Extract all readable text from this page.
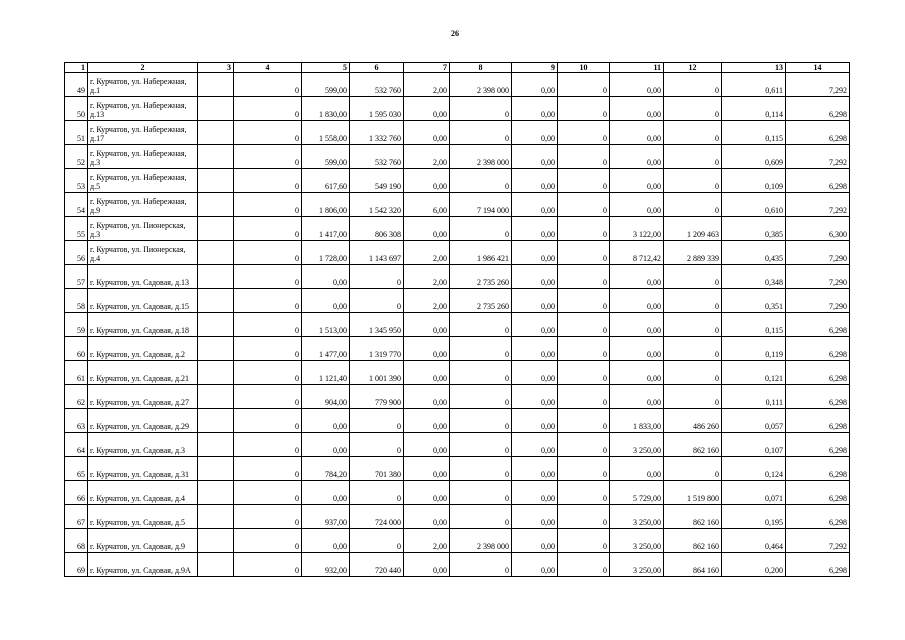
26
1	2	3	4	5	6	7	8	9	10	11	12	13	14
49	г. Курчатов, ул. Набережная, д.1		0	599,00	532 760	2,00	2 398 000	0,00	0	0,00	0	0,611	7,292
50	г. Курчатов, ул. Набережная, д.13		0	1 830,00	1 595 030	0,00	0	0,00	0	0,00	0	0,114	6,298
51	г. Курчатов, ул. Набережная, д.17		0	1 558,00	1 332 760	0,00	0	0,00	0	0,00	0	0,115	6,298
52	г. Курчатов, ул. Набережная, д.3		0	599,00	532 760	2,00	2 398 000	0,00	0	0,00	0	0,609	7,292
53	г. Курчатов, ул. Набережная, д.5		0	617,60	549 190	0,00	0	0,00	0	0,00	0	0,109	6,298
54	г. Курчатов, ул. Набережная, д.9		0	1 806,00	1 542 320	6,00	7 194 000	0,00	0	0,00	0	0,610	7,292
55	г. Курчатов, ул. Пионерская, д.3		0	1 417,00	806 308	0,00	0	0,00	0	3 122,00	1 209 463	0,385	6,300
56	г. Курчатов, ул. Пионерская, д.4		0	1 728,00	1 143 697	2,00	1 986 421	0,00	0	8 712,42	2 889 339	0,435	7,290
57	г. Курчатов, ул. Садовая, д.13		0	0,00	0	2,00	2 735 260	0,00	0	0,00	0	0,348	7,290
58	г. Курчатов, ул. Садовая, д.15		0	0,00	0	2,00	2 735 260	0,00	0	0,00	0	0,351	7,290
59	г. Курчатов, ул. Садовая, д.18		0	1 513,00	1 345 950	0,00	0	0,00	0	0,00	0	0,115	6,298
60	г. Курчатов, ул. Садовая, д.2		0	1 477,00	1 319 770	0,00	0	0,00	0	0,00	0	0,119	6,298
61	г. Курчатов, ул. Садовая, д.21		0	1 121,40	1 001 390	0,00	0	0,00	0	0,00	0	0,121	6,298
62	г. Курчатов, ул. Садовая, д.27		0	904,00	779 900	0,00	0	0,00	0	0,00	0	0,111	6,298
63	г. Курчатов, ул. Садовая, д.29		0	0,00	0	0,00	0	0,00	0	1 833,00	486 260	0,057	6,298
64	г. Курчатов, ул. Садовая, д.3		0	0,00	0	0,00	0	0,00	0	3 250,00	862 160	0,107	6,298
65	г. Курчатов, ул. Садовая, д.31		0	784,20	701 380	0,00	0	0,00	0	0,00	0	0,124	6,298
66	г. Курчатов, ул. Садовая, д.4		0	0,00	0	0,00	0	0,00	0	5 729,00	1 519 800	0,071	6,298
67	г. Курчатов, ул. Садовая, д.5		0	937,00	724 000	0,00	0	0,00	0	3 250,00	862 160	0,195	6,298
68	г. Курчатов, ул. Садовая, д.9		0	0,00	0	2,00	2 398 000	0,00	0	3 250,00	862 160	0,464	7,292
69	г. Курчатов, ул. Садовая, д.9А		0	932,00	720 440	0,00	0	0,00	0	3 250,00	864 160	0,200	6,298
